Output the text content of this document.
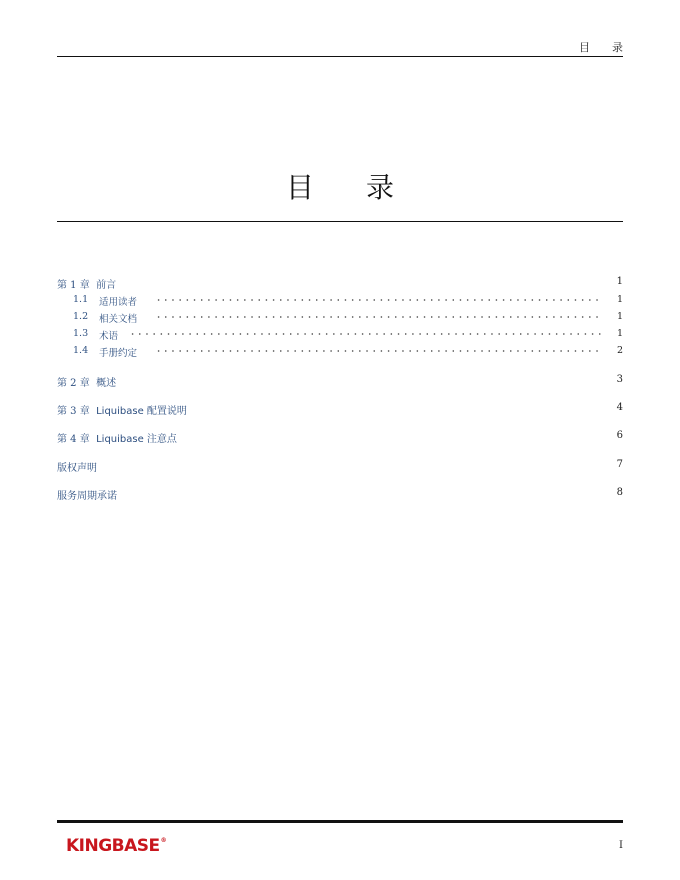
目录
目录
第 1 章 前言	1
1.1 适用读者	1
1.2 相关文档	1
1.3 术语	1
1.4 手册约定	2
第 2 章 概述	3
第 3 章 Liquibase 配置说明	4
第 4 章 Liquibase 注意点	6
版权声明	7
服务周期承诺	8
KINGBASE®	I
